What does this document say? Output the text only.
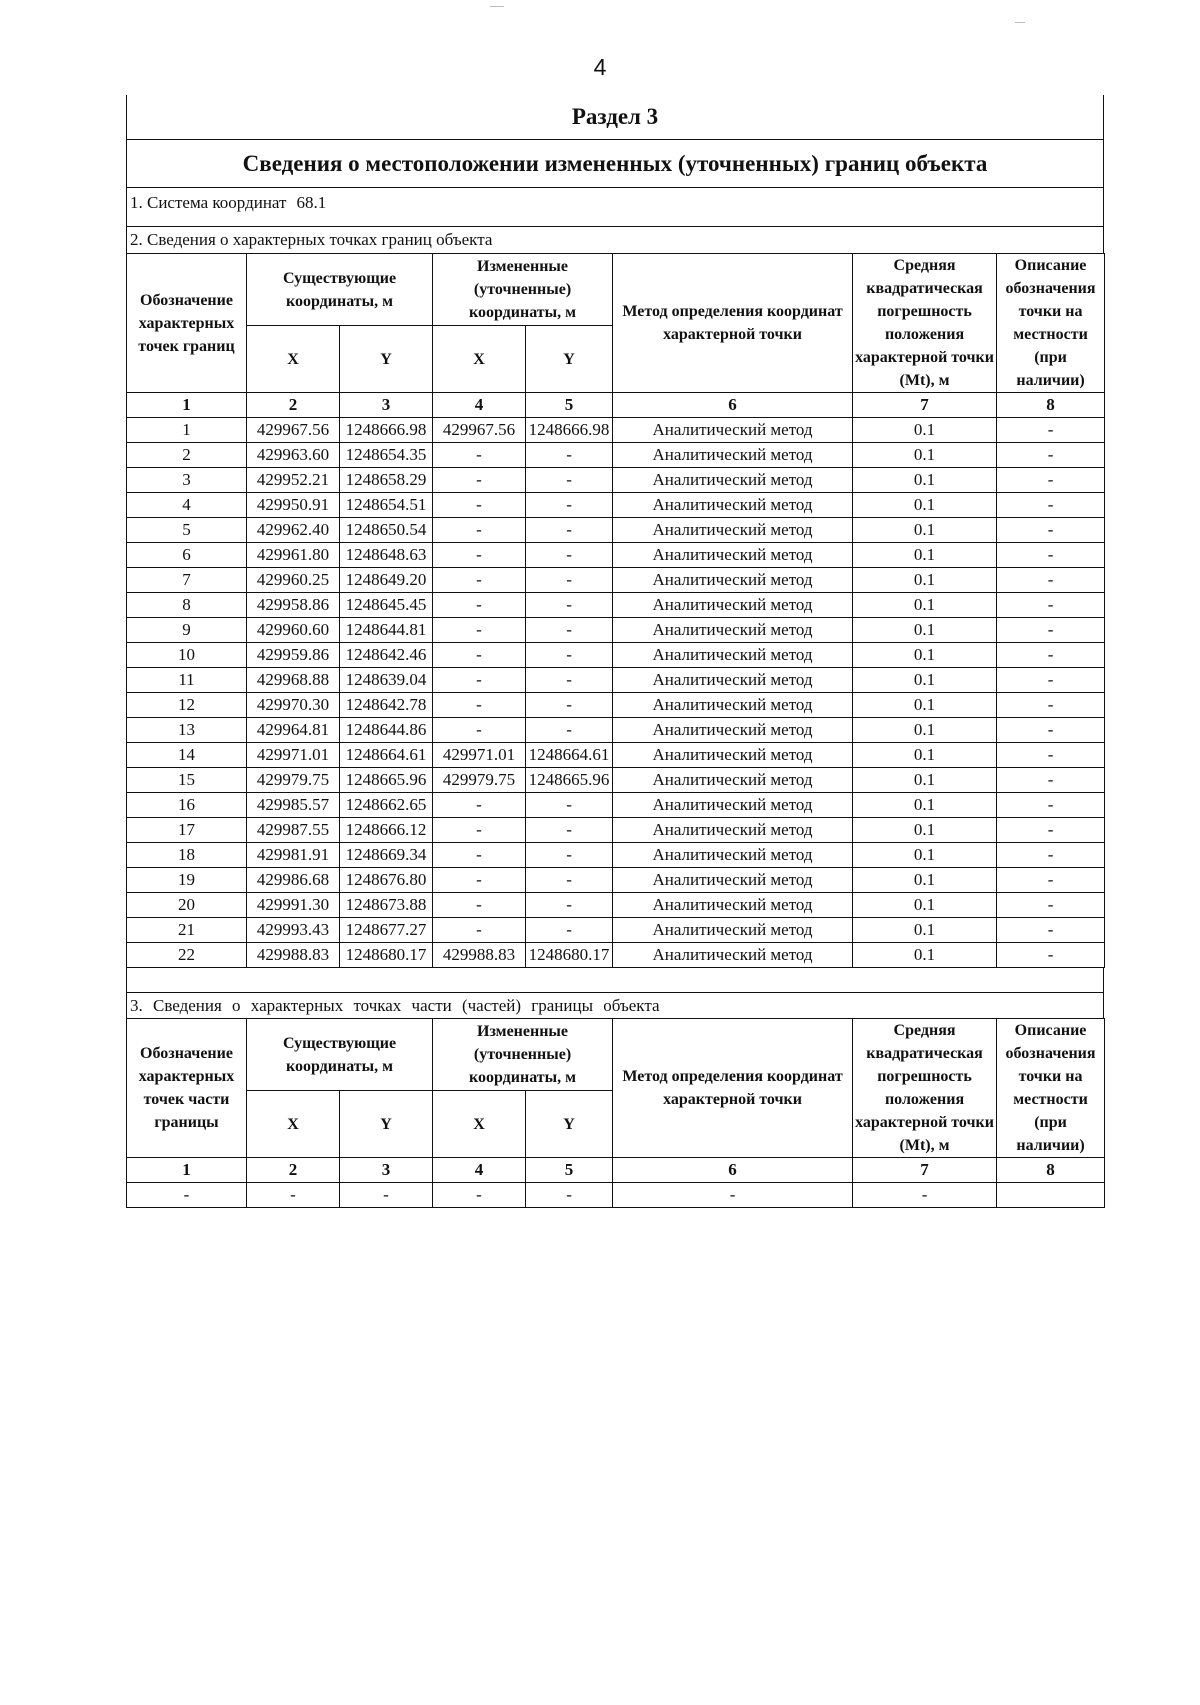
4
Раздел 3
Сведения о местоположении измененных (уточненных) границ объекта
1. Система координат 68.1
2. Сведения о характерных точках границ объекта
Обозначение характерных точек границ	Существующие координаты, м		Измененные (уточненные) координаты, м		Метод определения координат характерной точки	Средняя квадратическая погрешность положения характерной точки (Mt), м	Описание обозначения точки на местности (при наличии)
	X	Y	X	Y			
1	2	3	4	5	6	7	8
1	429967.56	1248666.98	429967.56	1248666.98	Аналитический метод	0.1	-
2	429963.60	1248654.35	-	-	Аналитический метод	0.1	-
3	429952.21	1248658.29	-	-	Аналитический метод	0.1	-
4	429950.91	1248654.51	-	-	Аналитический метод	0.1	-
5	429962.40	1248650.54	-	-	Аналитический метод	0.1	-
6	429961.80	1248648.63	-	-	Аналитический метод	0.1	-
7	429960.25	1248649.20	-	-	Аналитический метод	0.1	-
8	429958.86	1248645.45	-	-	Аналитический метод	0.1	-
9	429960.60	1248644.81	-	-	Аналитический метод	0.1	-
10	429959.86	1248642.46	-	-	Аналитический метод	0.1	-
11	429968.88	1248639.04	-	-	Аналитический метод	0.1	-
12	429970.30	1248642.78	-	-	Аналитический метод	0.1	-
13	429964.81	1248644.86	-	-	Аналитический метод	0.1	-
14	429971.01	1248664.61	429971.01	1248664.61	Аналитический метод	0.1	-
15	429979.75	1248665.96	429979.75	1248665.96	Аналитический метод	0.1	-
16	429985.57	1248662.65	-	-	Аналитический метод	0.1	-
17	429987.55	1248666.12	-	-	Аналитический метод	0.1	-
18	429981.91	1248669.34	-	-	Аналитический метод	0.1	-
19	429986.68	1248676.80	-	-	Аналитический метод	0.1	-
20	429991.30	1248673.88	-	-	Аналитический метод	0.1	-
21	429993.43	1248677.27	-	-	Аналитический метод	0.1	-
22	429988.83	1248680.17	429988.83	1248680.17	Аналитический метод	0.1	-
3. Сведения о характерных точках части (частей) границы объекта
Обозначение характерных точек части границы	Существующие координаты, м		Измененные (уточненные) координаты, м		Метод определения координат характерной точки	Средняя квадратическая погрешность положения характерной точки (Mt), м	Описание обозначения точки на местности (при наличии)
	X	Y	X	Y			
1	2	3	4	5	6	7	8
-	-	-	-	-	-	-	
